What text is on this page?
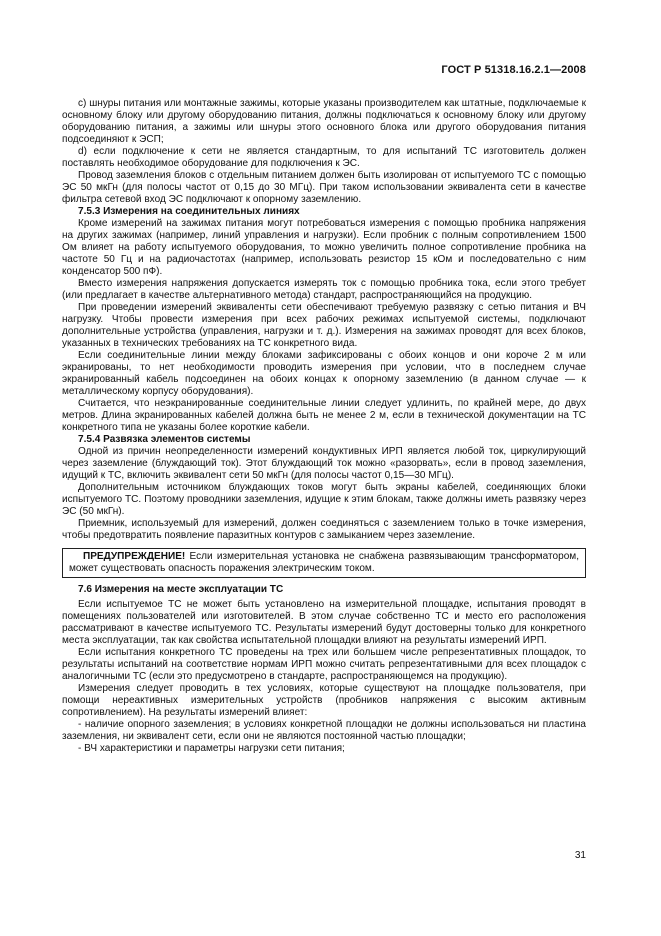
ГОСТ Р 51318.16.2.1—2008

c) шнуры питания или монтажные зажимы, которые указаны производителем как штатные, подключаемые к основному блоку или другому оборудованию питания, должны подключаться к основному блоку или другому оборудованию питания, а зажимы или шнуры этого основного блока или другого оборудования питания подсоединяют к ЭСП;

d) если подключение к сети не является стандартным, то для испытаний ТС изготовитель должен поставлять необходимое оборудование для подключения к ЭС.

Провод заземления блоков с отдельным питанием должен быть изолирован от испытуемого ТС с помощью ЭС 50 мкГн (для полосы частот от 0,15 до 30 МГц). При таком использовании эквивалента сети в качестве фильтра сетевой вход ЭС подключают к опорному заземлению.

7.5.3 Измерения на соединительных линиях

Кроме измерений на зажимах питания могут потребоваться измерения с помощью пробника напряжения на других зажимах (например, линий управления и нагрузки). Если пробник с полным сопротивлением 1500 Ом влияет на работу испытуемого оборудования, то можно увеличить полное сопротивление пробника на частоте 50 Гц и на радиочастотах (например, использовать резистор 15 кОм и последовательно с ним конденсатор 500 пФ).

Вместо измерения напряжения допускается измерять ток с помощью пробника тока, если этого требует (или предлагает в качестве альтернативного метода) стандарт, распространяющийся на продукцию.

При проведении измерений эквиваленты сети обеспечивают требуемую развязку с сетью питания и ВЧ нагрузку. Чтобы провести измерения при всех рабочих режимах испытуемой системы, подключают дополнительные устройства (управления, нагрузки и т. д.). Измерения на зажимах проводят для всех блоков, указанных в технических требованиях на ТС конкретного вида.

Если соединительные линии между блоками зафиксированы с обоих концов и они короче 2 м или экранированы, то нет необходимости проводить измерения при условии, что в последнем случае экранированный кабель подсоединен на обоих концах к опорному заземлению (в данном случае — к металлическому корпусу оборудования).

Считается, что неэкранированные соединительные линии следует удлинить, по крайней мере, до двух метров. Длина экранированных кабелей должна быть не менее 2 м, если в технической документации на ТС конкретного типа не указаны более короткие кабели.

7.5.4 Развязка элементов системы

Одной из причин неопределенности измерений кондуктивных ИРП является любой ток, циркулирующий через заземление (блуждающий ток). Этот блуждающий ток можно «разорвать», если в провод заземления, идущий к ТС, включить эквивалент сети 50 мкГн (для полосы частот 0,15—30 МГц).

Дополнительным источником блуждающих токов могут быть экраны кабелей, соединяющих блоки испытуемого ТС. Поэтому проводники заземления, идущие к этим блокам, также должны иметь развязку через ЭС (50 мкГн).

Приемник, используемый для измерений, должен соединяться с заземлением только в точке измерения, чтобы предотвратить появление паразитных контуров с замыканием через заземление.

ПРЕДУПРЕЖДЕНИЕ! Если измерительная установка не снабжена развязывающим трансформатором, может существовать опасность поражения электрическим током.
7.6 Измерения на месте эксплуатации ТС

Если испытуемое ТС не может быть установлено на измерительной площадке, испытания проводят в помещениях пользователей или изготовителей. В этом случае собственно ТС и место его расположения рассматривают в качестве испытуемого ТС. Результаты измерений будут достоверны только для конкретного места эксплуатации, так как свойства испытательной площадки влияют на результаты измерений ИРП.

Если испытания конкретного ТС проведены на трех или большем числе репрезентативных площадок, то результаты испытаний на соответствие нормам ИРП можно считать репрезентативными для всех площадок с аналогичными ТС (если это предусмотрено в стандарте, распространяющемся на продукцию).

Измерения следует проводить в тех условиях, которые существуют на площадке пользователя, при помощи нереактивных измерительных устройств (пробников напряжения с высоким активным сопротивлением). На результаты измерений влияет:

- наличие опорного заземления; в условиях конкретной площадки не должны использоваться ни пластина заземления, ни эквивалент сети, если они не являются постоянной частью площадки;

- ВЧ характеристики и параметры нагрузки сети питания;

31
